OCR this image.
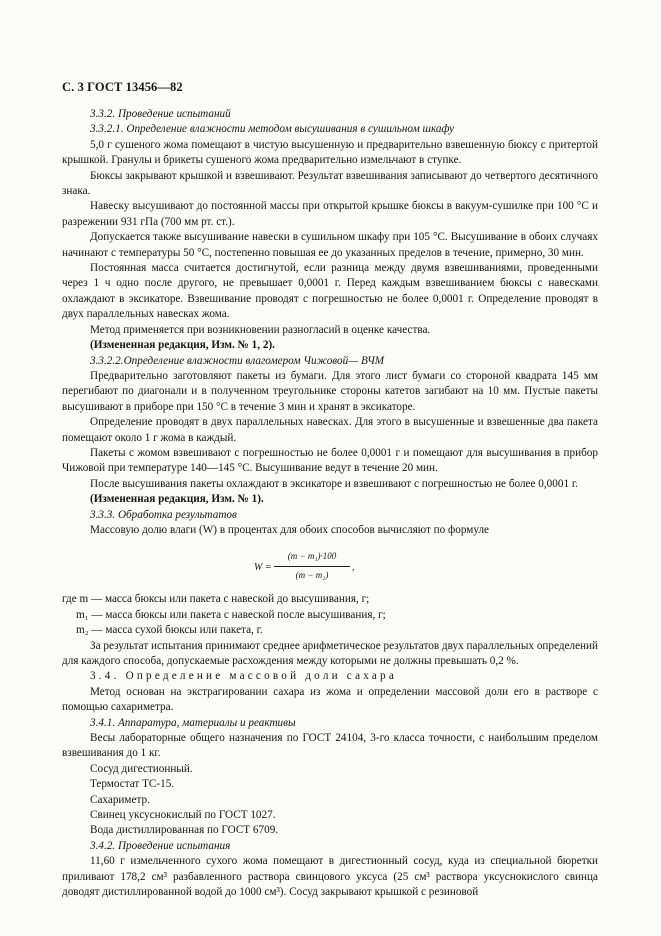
С. 3 ГОСТ 13456—82

3.3.2. Проведение испытаний

3.3.2.1. Определение влажности методом высушивания в сушильном шкафу

5,0 г сушеного жома помещают в чистую высушенную и предварительно взвешенную бюксу с притертой крышкой. Гранулы и брикеты сушеного жома предварительно измельчают в ступке.

Бюксы закрывают крышкой и взвешивают. Результат взвешивания записывают до четвертого десятичного знака.

Навеску высушивают до постоянной массы при открытой крышке бюксы в вакуум-сушилке при 100 °С и разрежении 931 гПа (700 мм рт. ст.).

Допускается также высушивание навески в сушильном шкафу при 105 °С. Высушивание в обоих случаях начинают с температуры 50 °С, постепенно повышая ее до указанных пределов в течение, примерно, 30 мин.

Постоянная масса считается достигнутой, если разница между двумя взвешиваниями, проведенными через 1 ч одно после другого, не превышает 0,0001 г. Перед каждым взвешиванием бюксы с навесками охлаждают в эксикаторе. Взвешивание проводят с погрешностью не более 0,0001 г. Определение проводят в двух параллельных навесках жома.

Метод применяется при возникновении разногласий в оценке качества.

(Измененная редакция, Изм. № 1, 2).

3.3.2.2.Определение влажности влагомером Чижовой— ВЧМ

Предварительно заготовляют пакеты из бумаги. Для этого лист бумаги со стороной квадрата 145 мм перегибают по диагонали и в полученном треугольнике стороны катетов загибают на 10 мм. Пустые пакеты высушивают в приборе при 150 °С в течение 3 мин и хранят в эксикаторе.

Определение проводят в двух параллельных навесках. Для этого в высушенные и взвешенные два пакета помещают около 1 г жома в каждый.

Пакеты с жомом взвешивают с погрешностью не более 0,0001 г и помещают для высушивания в прибор Чижовой при температуре 140—145 °С. Высушивание ведут в течение 20 мин.

После высушивания пакеты охлаждают в эксикаторе и взвешивают с погрешностью не более 0,0001 г.

(Измененная редакция, Изм. № 1).

3.3.3. Обработка результатов

Массовую долю влаги (W) в процентах для обоих способов вычисляют по формуле

$W = \frac{\text{(m − m₁)·100}}{\text{(m − m₂)}}$ ,

где m — масса бюксы или пакета с навеской до высушивания, г;

m₁ — масса бюксы или пакета с навеской после высушивания, г;

m₂ — масса сухой бюксы или пакета, г.

За результат испытания принимают среднее арифметическое результатов двух параллельных определений для каждого способа, допускаемые расхождения между которыми не должны превышать 0,2 %.

3.4. Определение массовой доли сахара

Метод основан на экстрагировании сахара из жома и определении массовой доли его в растворе с помощью сахариметра.

3.4.1. Аппаратура, материалы и реактивы

Весы лабораторные общего назначения по ГОСТ 24104, 3-го класса точности, с наибольшим пределом взвешивания до 1 кг.

Сосуд дигестионный.

Термостат ТС-15.

Сахариметр.

Свинец уксуснокислый по ГОСТ 1027.

Вода дистиллированная по ГОСТ 6709.

3.4.2. Проведение испытания

11,60 г измельченного сухого жома помещают в дигестионный сосуд, куда из специальной бюретки приливают 178,2 см³ разбавленного раствора свинцового уксуса (25 см³ раствора уксуснокислого свинца доводят дистиллированной водой до 1000 см³). Сосуд закрывают крышкой с резиновой
